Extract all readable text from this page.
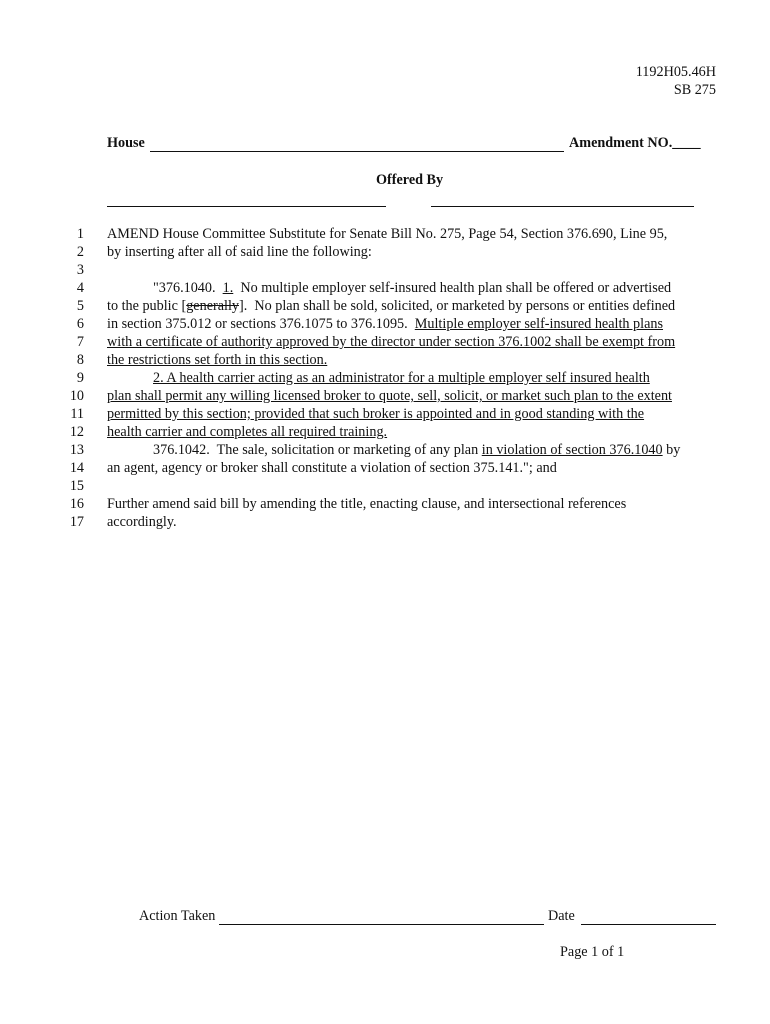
1192H05.46H
SB 275
House	Amendment NO.____
Offered By
1
2
3
4
5
6
7
8
9
10
11
12
13
14
15
16
17
AMEND House Committee Substitute for Senate Bill No. 275, Page 54, Section 376.690, Line 95,
by inserting after all of said line the following:
"376.1040.  1.  No multiple employer self-insured health plan shall be offered or advertised
to the public [generally].  No plan shall be sold, solicited, or marketed by persons or entities defined
in section 375.012 or sections 376.1075 to 376.1095.  Multiple employer self-insured health plans
with a certificate of authority approved by the director under section 376.1002 shall be exempt from
the restrictions set forth in this section.
2. A health carrier acting as an administrator for a multiple employer self insured health
plan shall permit any willing licensed broker to quote, sell, solicit, or market such plan to the extent
permitted by this section; provided that such broker is appointed and in good standing with the
health carrier and completes all required training.
376.1042.  The sale, solicitation or marketing of any plan in violation of section 376.1040 by
an agent, agency or broker shall constitute a violation of section 375.141."; and
Further amend said bill by amending the title, enacting clause, and intersectional references
accordingly.
Action Taken	Date
Page 1 of 1
